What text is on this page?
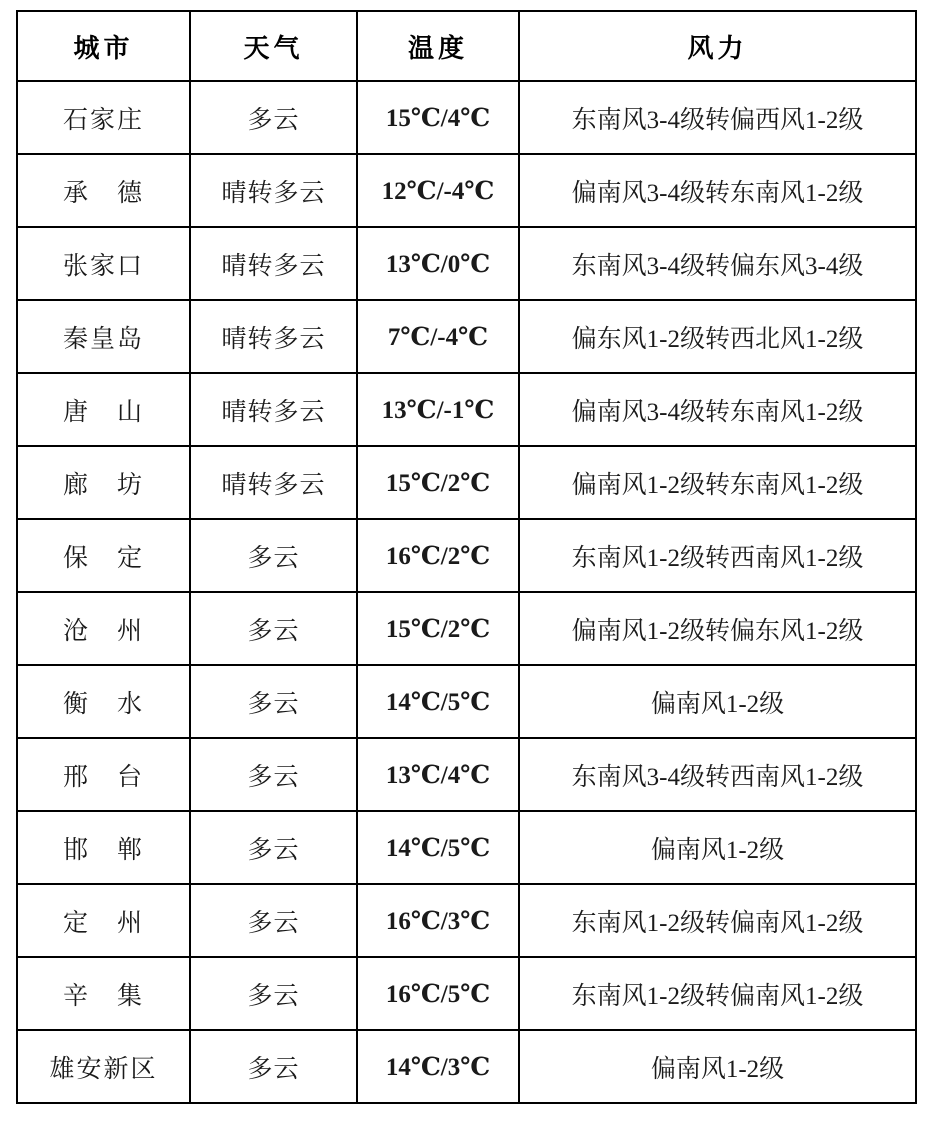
城市	天气	温度	风力
石家庄	多云	15℃/4℃	东南风3-4级转偏西风1-2级
承　德	晴转多云	12℃/-4℃	偏南风3-4级转东南风1-2级
张家口	晴转多云	13℃/0℃	东南风3-4级转偏东风3-4级
秦皇岛	晴转多云	7℃/-4℃	偏东风1-2级转西北风1-2级
唐　山	晴转多云	13℃/-1℃	偏南风3-4级转东南风1-2级
廊　坊	晴转多云	15℃/2℃	偏南风1-2级转东南风1-2级
保　定	多云	16℃/2℃	东南风1-2级转西南风1-2级
沧　州	多云	15℃/2℃	偏南风1-2级转偏东风1-2级
衡　水	多云	14℃/5℃	偏南风1-2级
邢　台	多云	13℃/4℃	东南风3-4级转西南风1-2级
邯　郸	多云	14℃/5℃	偏南风1-2级
定　州	多云	16℃/3℃	东南风1-2级转偏南风1-2级
辛　集	多云	16℃/5℃	东南风1-2级转偏南风1-2级
雄安新区	多云	14℃/3℃	偏南风1-2级
